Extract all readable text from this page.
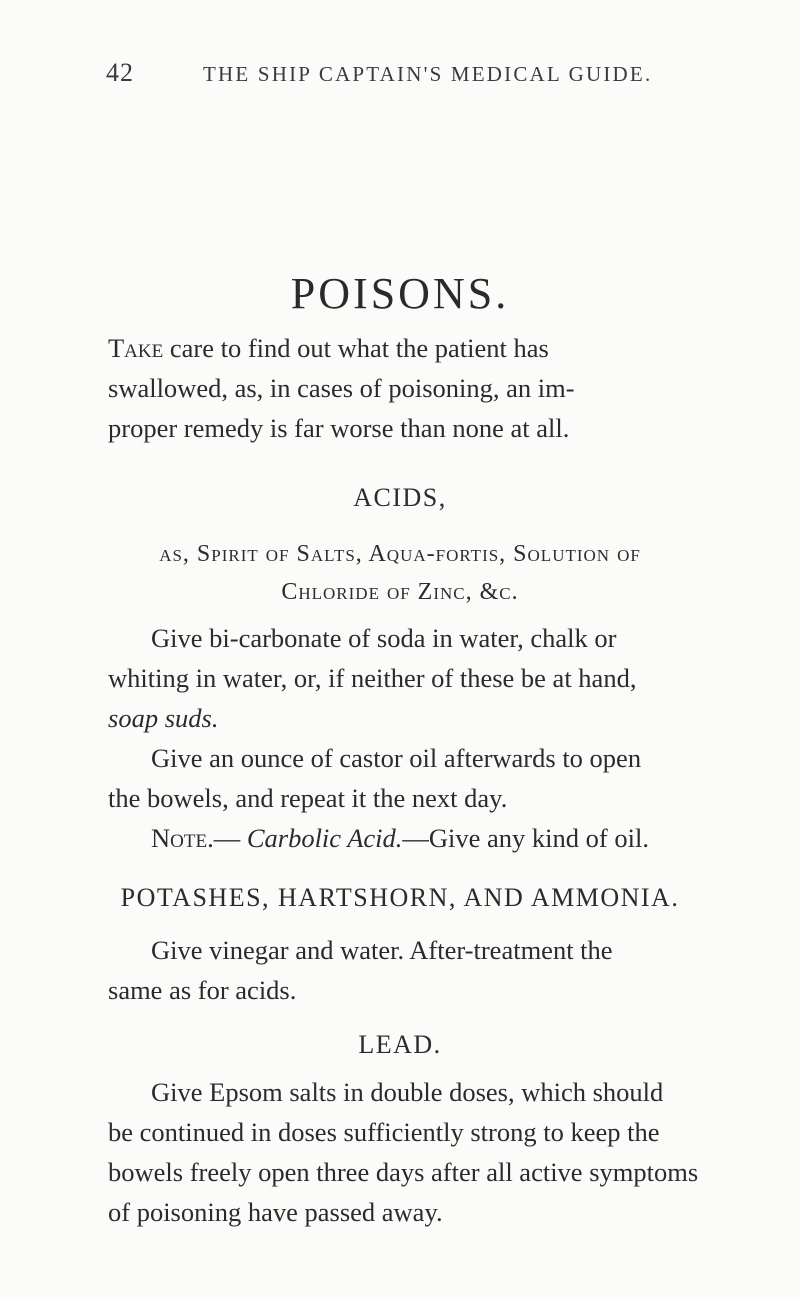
42	THE SHIP CAPTAIN'S MEDICAL GUIDE.
POISONS.
Take care to find out what the patient has
swallowed, as, in cases of poisoning, an im-
proper remedy is far worse than none at all.
ACIDS,
as, Spirit of Salts, Aqua-fortis, Solution of
Chloride of Zinc, &c.
Give bi-carbonate of soda in water, chalk or
whiting in water, or, if neither of these be at hand,
soap suds.
Give an ounce of castor oil afterwards to open
the bowels, and repeat it the next day.
Note.— Carbolic Acid.—Give any kind of oil.
POTASHES, HARTSHORN, AND AMMONIA.
Give vinegar and water. After-treatment the
same as for acids.
LEAD.
Give Epsom salts in double doses, which should
be continued in doses sufficiently strong to keep the
bowels freely open three days after all active symptoms
of poisoning have passed away.
